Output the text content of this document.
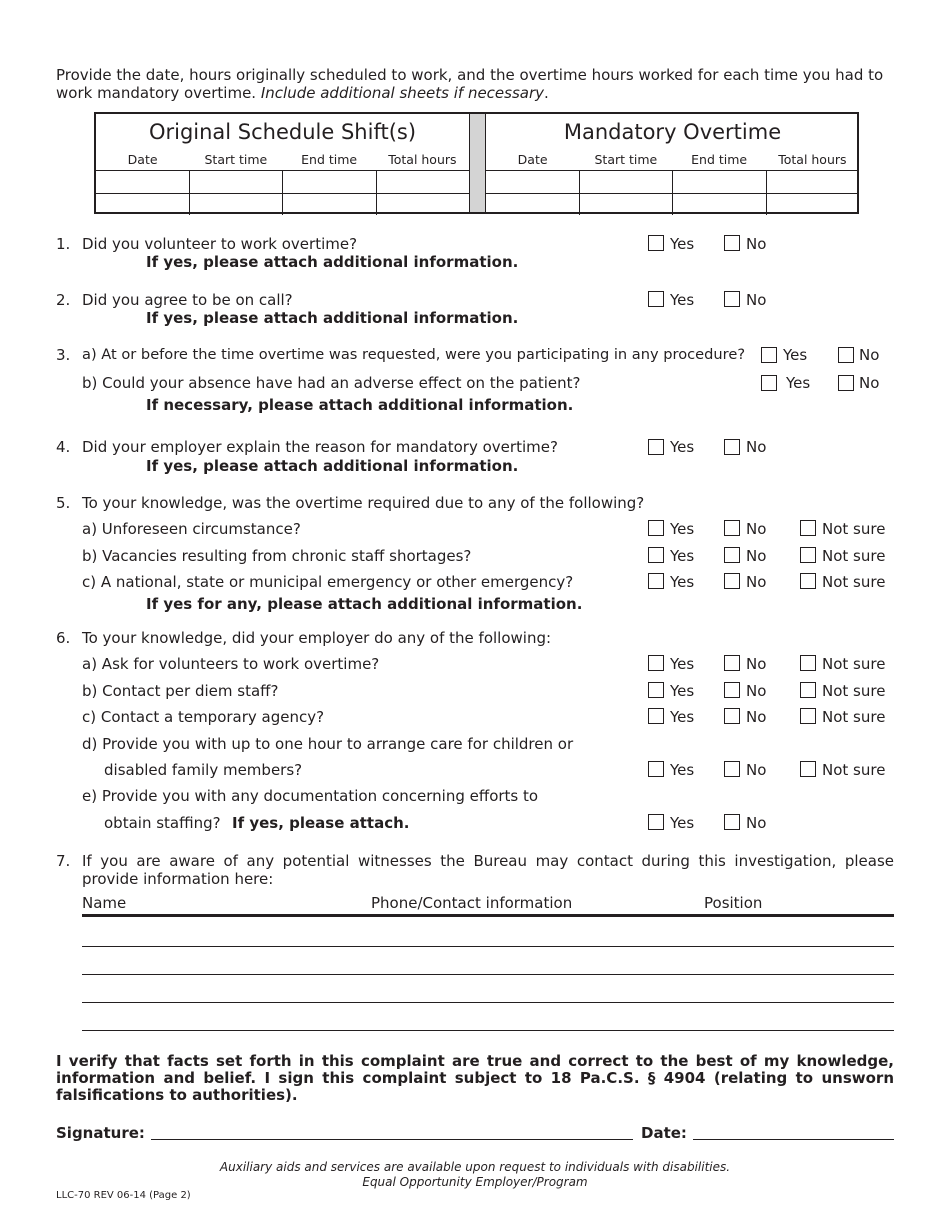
Provide the date, hours originally scheduled to work, and the overtime hours worked for each time you had to work mandatory overtime. Include additional sheets if necessary.
Original Schedule Shift(s)
Date	Start time	End time	Total hours
Mandatory Overtime
Date	Start time	End time	Total hours
1. Did you volunteer to work overtime?
If yes, please attach additional information.
Yes	No
2. Did you agree to be on call?
If yes, please attach additional information.
Yes	No
3. a) At or before the time overtime was requested, were you participating in any procedure?	Yes	No
b) Could your absence have had an adverse effect on the patient?	Yes	No
If necessary, please attach additional information.
4. Did your employer explain the reason for mandatory overtime?
If yes, please attach additional information.
Yes	No
5. To your knowledge, was the overtime required due to any of the following?
a) Unforeseen circumstance?	Yes	No	Not sure
b) Vacancies resulting from chronic staff shortages?	Yes	No	Not sure
c) A national, state or municipal emergency or other emergency?	Yes	No	Not sure
If yes for any, please attach additional information.
6. To your knowledge, did your employer do any of the following:
a) Ask for volunteers to work overtime?	Yes	No	Not sure
b) Contact per diem staff?	Yes	No	Not sure
c) Contact a temporary agency?	Yes	No	Not sure
d) Provide you with up to one hour to arrange care for children or
disabled family members?	Yes	No	Not sure
e) Provide you with any documentation concerning efforts to
obtain staffing? If yes, please attach.	Yes	No
7. If you are aware of any potential witnesses the Bureau may contact during this investigation, please provide information here:
Name	Phone/Contact information	Position
I verify that facts set forth in this complaint are true and correct to the best of my knowledge, information and belief. I sign this complaint subject to 18 Pa.C.S. § 4904 (relating to unsworn falsifications to authorities).
Signature:	Date:
Auxiliary aids and services are available upon request to individuals with disabilities.
Equal Opportunity Employer/Program
LLC-70 REV 06-14 (Page 2)
